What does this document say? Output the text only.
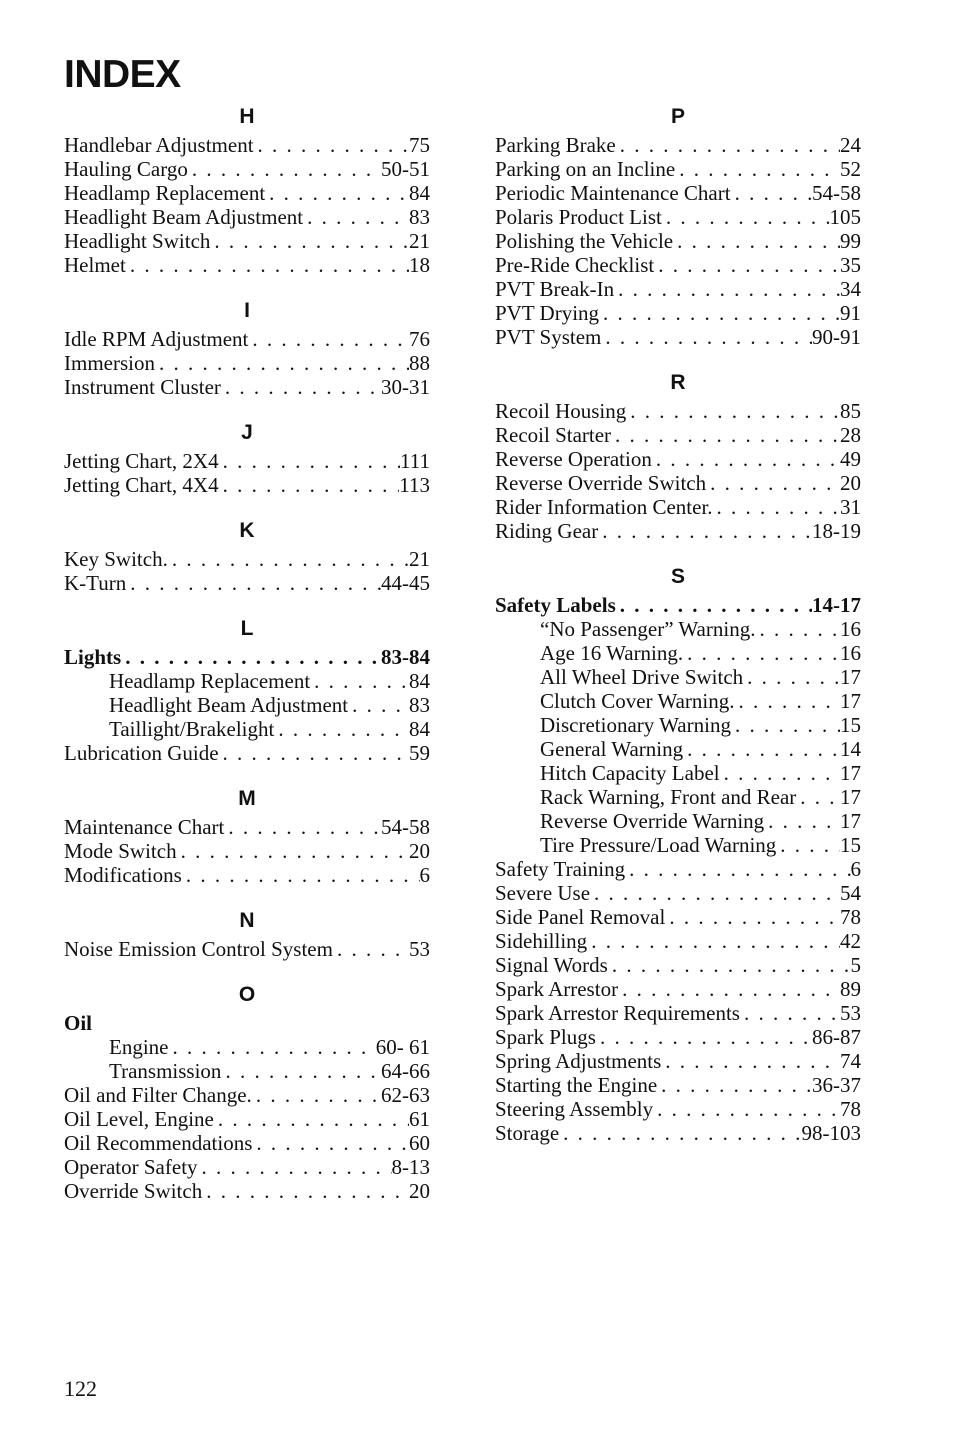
INDEX
H
Handlebar Adjustment . . .	75
Hauling Cargo . . .	50-51
Headlamp Replacement . . .	84
Headlight Beam Adjustment . . .	83
Headlight Switch . . .	21
Helmet . . .	18
I
Idle RPM Adjustment . . .	76
Immersion . . .	88
Instrument Cluster . . .	30-31
J
Jetting Chart, 2X4 . . .	111
Jetting Chart, 4X4 . . .	113
K
Key Switch. . . .	21
K-Turn . . .	44-45
L
Lights . . .	83-84
Headlamp Replacement . . .	84
Headlight Beam Adjustment . . .	83
Taillight/Brakelight . . .	84
Lubrication Guide . . .	59
M
Maintenance Chart . . .	54-58
Mode Switch . . .	20
Modifications . . .	6
N
Noise Emission Control System . . .	53
O
Oil
Engine . . .	60- 61
Transmission . . .	64-66
Oil and Filter Change. . . .	62-63
Oil Level, Engine . . .	61
Oil Recommendations . . .	60
Operator Safety . . .	8-13
Override Switch . . .	20
P
Parking Brake . . .	24
Parking on an Incline . . .	52
Periodic Maintenance Chart . . .	54-58
Polaris Product List . . .	105
Polishing the Vehicle . . .	99
Pre-Ride Checklist . . .	35
PVT Break-In . . .	34
PVT Drying . . .	91
PVT System . . .	90-91
R
Recoil Housing . . .	85
Recoil Starter . . .	28
Reverse Operation . . .	49
Reverse Override Switch . . .	20
Rider Information Center. . . .	31
Riding Gear . . .	18-19
S
Safety Labels . . .	14-17
“No Passenger” Warning. . . .	16
Age 16 Warning. . . .	16
All Wheel Drive Switch . . .	17
Clutch Cover Warning. . . .	17
Discretionary Warning . . .	15
General Warning . . .	14
Hitch Capacity Label . . .	17
Rack Warning, Front and Rear . . . 17
Reverse Override Warning . . .	17
Tire Pressure/Load Warning . . .	15
Safety Training . . .	6
Severe Use . . .	54
Side Panel Removal . . .	78
Sidehilling . . .	42
Signal Words . . .	5
Spark Arrestor . . .	89
Spark Arrestor Requirements . . .	53
Spark Plugs . . .	86-87
Spring Adjustments . . .	74
Starting the Engine . . .	36-37
Steering Assembly . . .	78
Storage . . .	98-103
122
